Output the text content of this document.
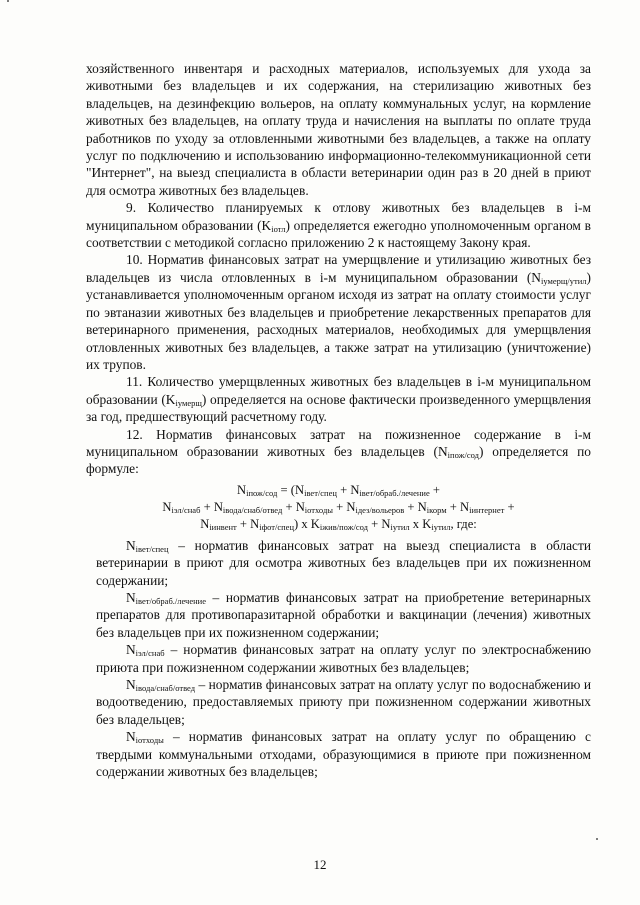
хозяйственного инвентаря и расходных материалов, используемых для ухода за животными без владельцев и их содержания, на стерилизацию животных без владельцев, на дезинфекцию вольеров, на оплату коммунальных услуг, на кормление животных без владельцев, на оплату труда и начисления на выплаты по оплате труда работников по уходу за отловленными животными без владельцев, а также на оплату услуг по подключению и использованию информационно-телекоммуникационной сети "Интернет", на выезд специалиста в области ветеринарии один раз в 20 дней в приют для осмотра животных без владельцев.

9. Количество планируемых к отлову животных без владельцев в i-м муниципальном образовании $(K_{iотл})$ определяется ежегодно уполномоченным органом в соответствии с методикой согласно приложению 2 к настоящему Закону края.

10. Норматив финансовых затрат на умерщвление и утилизацию животных без владельцев из числа отловленных в i-м муниципальном образовании $(N_{iумерщ/утил})$ устанавливается уполномоченным органом исходя из затрат на оплату стоимости услуг по эвтаназии животных без владельцев и приобретение лекарственных препаратов для ветеринарного применения, расходных материалов, необходимых для умерщвления отловленных животных без владельцев, а также затрат на утилизацию (уничтожение) их трупов.

11. Количество умерщвленных животных без владельцев в i-м муниципальном образовании $(K_{iумерщ})$ определяется на основе фактически произведенного умерщвления за год, предшествующий расчетному году.

12. Норматив финансовых затрат на пожизненное содержание в i-м муниципальном образовании животных без владельцев $(N_{iпож/сод})$ определяется по формуле:

$N_{iпож/сод} = (N_{iвет/спец} + N_{iвет/обраб./лечение}$ +
$N_{iэл/снаб} + N_{iвода/снаб/отвед} + N_{iотходы} + N_{iдез/вольеров} + N_{iкорм} + N_{iинтернет}$ +
$N_{iинвент} + N_{iфот/спец}$) x $K_{iжив/пож/сод} + N_{iутил}$ x $K_{iутил}$, где:

$N_{iвет/спец}$ – норматив финансовых затрат на выезд специалиста в области ветеринарии в приют для осмотра животных без владельцев при их пожизненном содержании;

$N_{iвет/обраб./лечение}$ – норматив финансовых затрат на приобретение ветеринарных препаратов для противопаразитарной обработки и вакцинации (лечения) животных без владельцев при их пожизненном содержании;

$N_{iэл/снаб}$ – норматив финансовых затрат на оплату услуг по электроснабжению приюта при пожизненном содержании животных без владельцев;

$N_{iвода/снаб/отвед}$ – норматив финансовых затрат на оплату услуг по водоснабжению и водоотведению, предоставляемых приюту при пожизненном содержании животных без владельцев;

$N_{iотходы}$ – норматив финансовых затрат на оплату услуг по обращению с твердыми коммунальными отходами, образующимися в приюте при пожизненном содержании животных без владельцев;

12
